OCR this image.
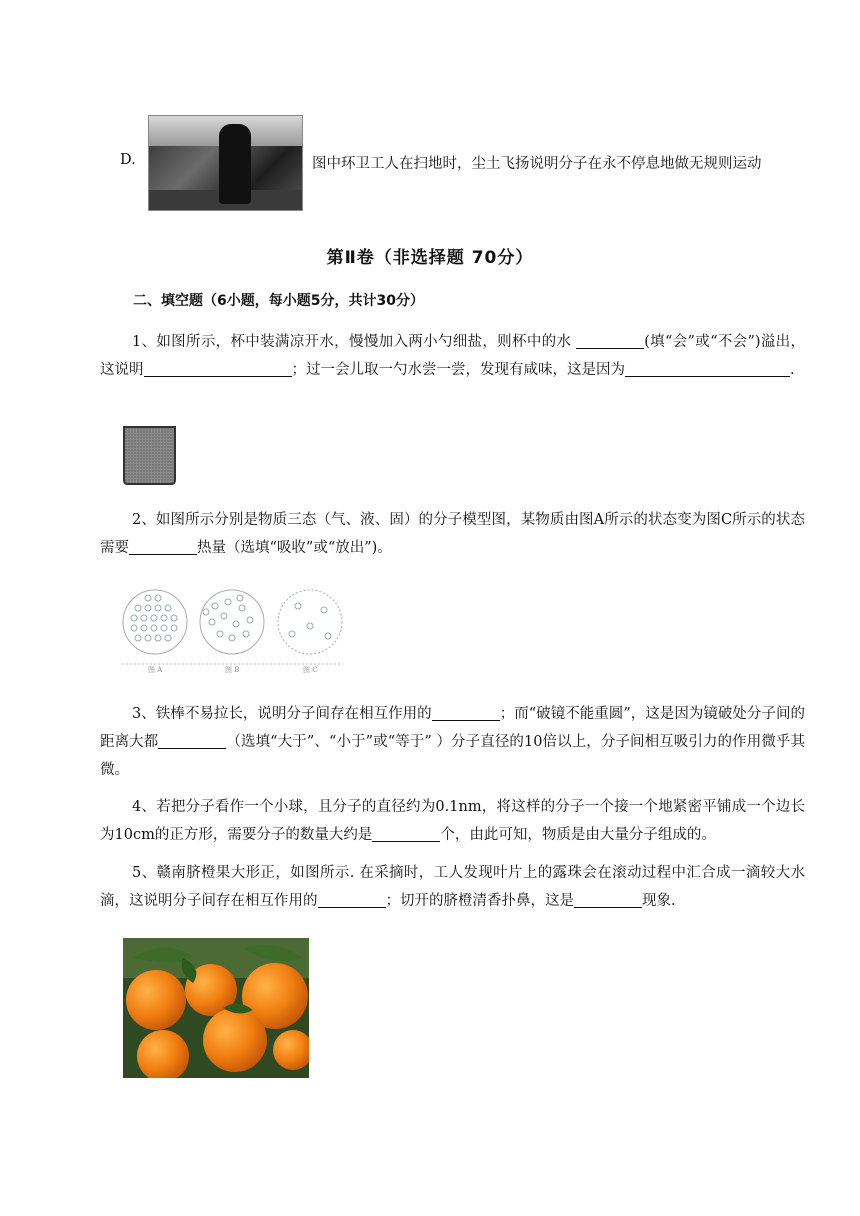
D.	图中环卫工人在扫地时，尘土飞扬说明分子在永不停息地做无规则运动
第Ⅱ卷（非选择题 70分）
二、填空题（6小题，每小题5分，共计30分）
1、如图所示，杯中装满凉开水，慢慢加入两小勺细盐，则杯中的水	(填“会”或“不会”)溢出，这说明	；过一会儿取一勺水尝一尝，发现有咸味，这是因为	.
2、如图所示分别是物质三态（气、液、固）的分子模型图，某物质由图A所示的状态变为图C所示的状态需要	热量（选填“吸收”或“放出”)。
图 A	图 B	图 C
3、铁棒不易拉长，说明分子间存在相互作用的	；而“破镜不能重圆”，这是因为镜破处分子间的距离大都	（选填“大于”、“小于”或“等于” ）分子直径的10倍以上，分子间相互吸引力的作用微乎其微。
4、若把分子看作一个小球，且分子的直径约为0.1nm，将这样的分子一个接一个地紧密平铺成一个边长为10cm的正方形，需要分子的数量大约是	个，由此可知，物质是由大量分子组成的。
5、赣南脐橙果大形正，如图所示. 在采摘时，工人发现叶片上的露珠会在滚动过程中汇合成一滴较大水滴，这说明分子间存在相互作用的	；切开的脐橙清香扑鼻，这是	现象.
